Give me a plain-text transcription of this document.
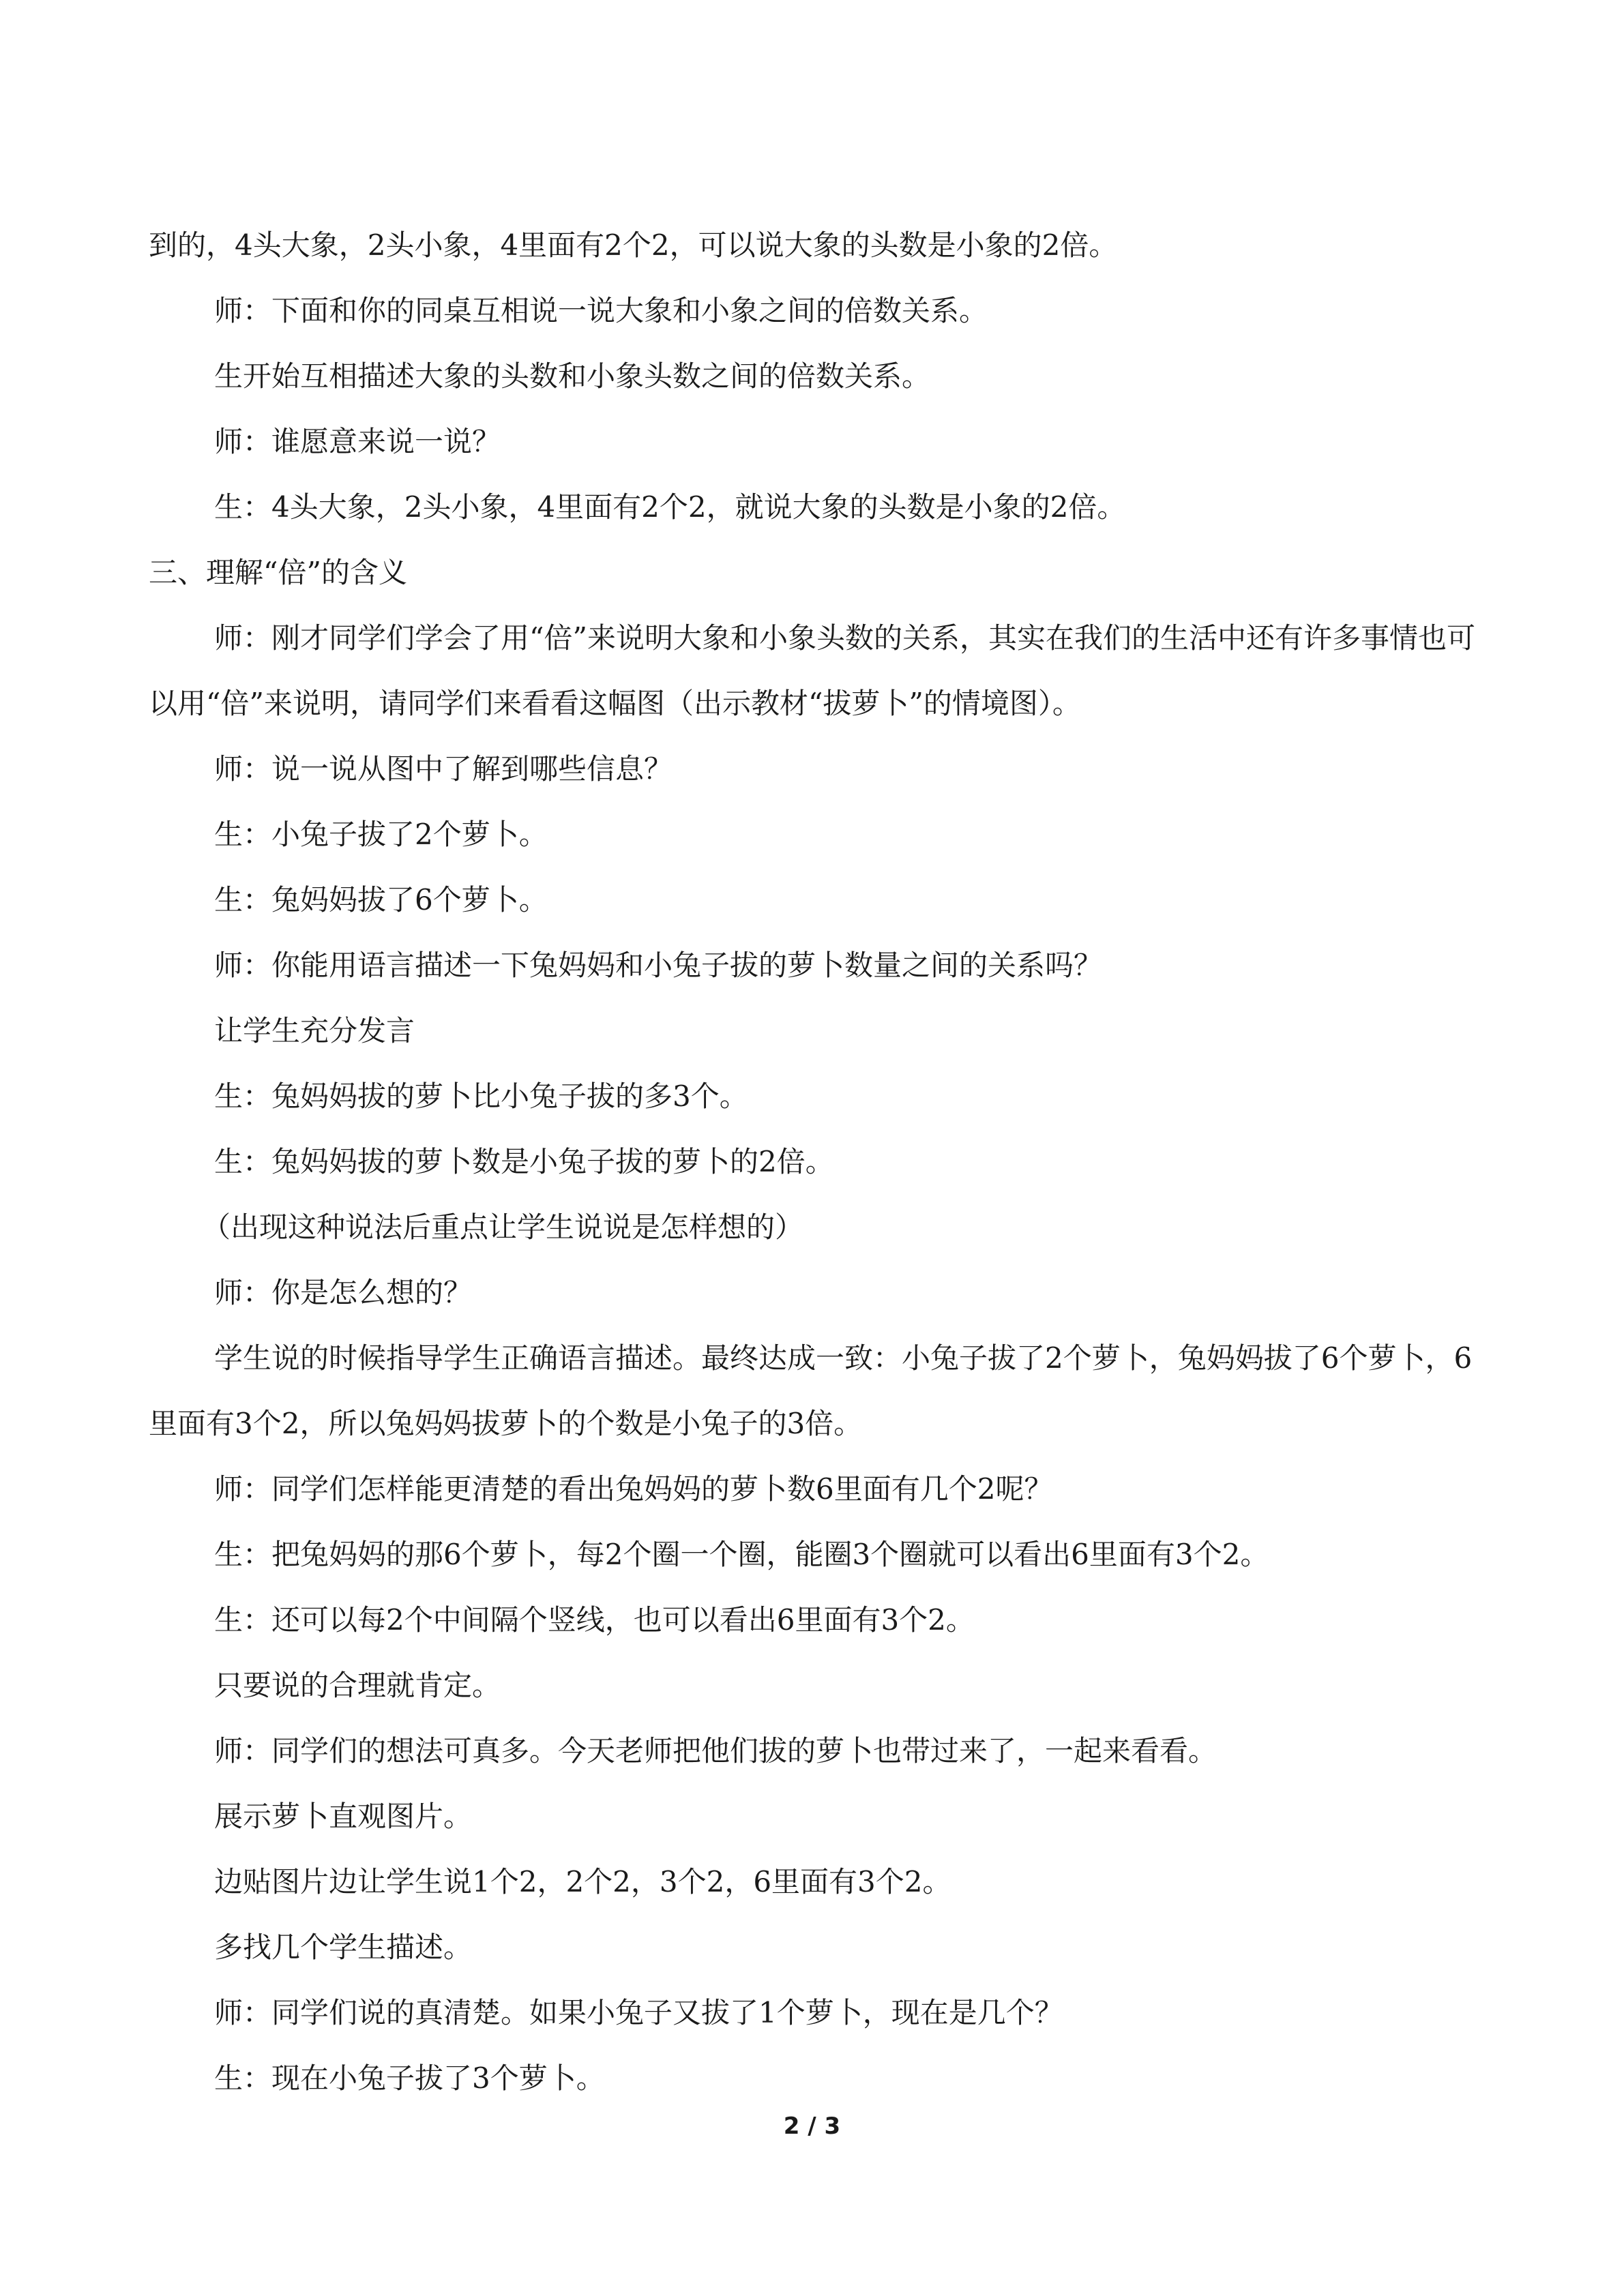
到的，4头大象，2头小象，4里面有2个2，可以说大象的头数是小象的2倍。

师：下面和你的同桌互相说一说大象和小象之间的倍数关系。

生开始互相描述大象的头数和小象头数之间的倍数关系。

师：谁愿意来说一说？

生：4头大象，2头小象，4里面有2个2，就说大象的头数是小象的2倍。

三、理解“倍”的含义

师：刚才同学们学会了用“倍”来说明大象和小象头数的关系，其实在我们的生活中还有许多事情也可以用“倍”来说明，请同学们来看看这幅图（出示教材“拔萝卜”的情境图）。

师：说一说从图中了解到哪些信息？

生：小兔子拔了2个萝卜。

生：兔妈妈拔了6个萝卜。

师：你能用语言描述一下兔妈妈和小兔子拔的萝卜数量之间的关系吗？

让学生充分发言

生：兔妈妈拔的萝卜比小兔子拔的多3个。

生：兔妈妈拔的萝卜数是小兔子拔的萝卜的2倍。

（出现这种说法后重点让学生说说是怎样想的）

师：你是怎么想的？

学生说的时候指导学生正确语言描述。最终达成一致：小兔子拔了2个萝卜，兔妈妈拔了6个萝卜，6里面有3个2，所以兔妈妈拔萝卜的个数是小兔子的3倍。

师：同学们怎样能更清楚的看出兔妈妈的萝卜数6里面有几个2呢？

生：把兔妈妈的那6个萝卜，每2个圈一个圈，能圈3个圈就可以看出6里面有3个2。

生：还可以每2个中间隔个竖线，也可以看出6里面有3个2。

只要说的合理就肯定。

师：同学们的想法可真多。今天老师把他们拔的萝卜也带过来了，一起来看看。

展示萝卜直观图片。

边贴图片边让学生说1个2，2个2，3个2，6里面有3个2。

多找几个学生描述。

师：同学们说的真清楚。如果小兔子又拔了1个萝卜，现在是几个？

生：现在小兔子拔了3个萝卜。

2 / 3
